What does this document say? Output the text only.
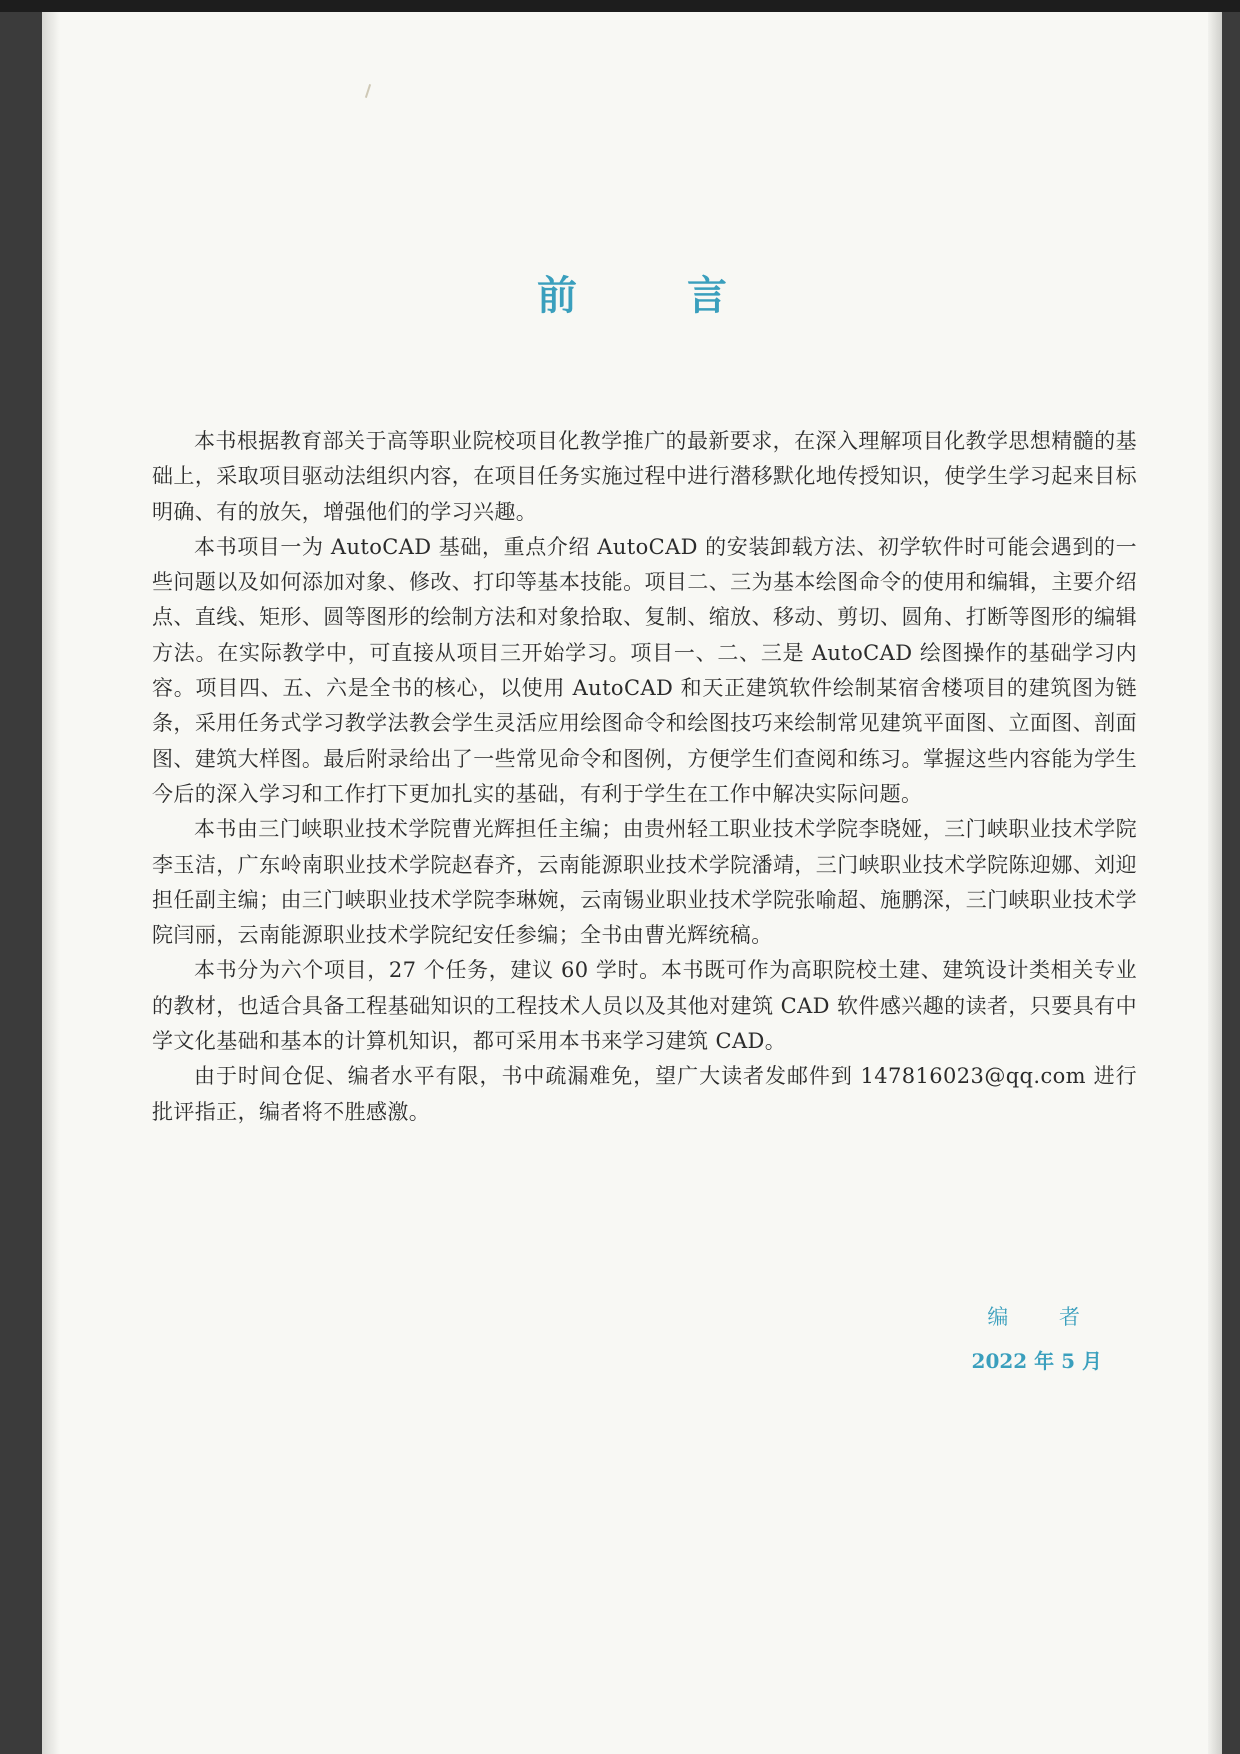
前 言

本书根据教育部关于高等职业院校项目化教学推广的最新要求，在深入理解项目化教学思想精髓的基础上，采取项目驱动法组织内容，在项目任务实施过程中进行潜移默化地传授知识，使学生学习起来目标明确、有的放矢，增强他们的学习兴趣。

本书项目一为 AutoCAD 基础，重点介绍 AutoCAD 的安装卸载方法、初学软件时可能会遇到的一些问题以及如何添加对象、修改、打印等基本技能。项目二、三为基本绘图命令的使用和编辑，主要介绍点、直线、矩形、圆等图形的绘制方法和对象拾取、复制、缩放、移动、剪切、圆角、打断等图形的编辑方法。在实际教学中，可直接从项目三开始学习。项目一、二、三是 AutoCAD 绘图操作的基础学习内容。项目四、五、六是全书的核心，以使用 AutoCAD 和天正建筑软件绘制某宿舍楼项目的建筑图为链条，采用任务式学习教学法教会学生灵活应用绘图命令和绘图技巧来绘制常见建筑平面图、立面图、剖面图、建筑大样图。最后附录给出了一些常见命令和图例，方便学生们查阅和练习。掌握这些内容能为学生今后的深入学习和工作打下更加扎实的基础，有利于学生在工作中解决实际问题。

本书由三门峡职业技术学院曹光辉担任主编；由贵州轻工职业技术学院李晓娅，三门峡职业技术学院李玉洁，广东岭南职业技术学院赵春齐，云南能源职业技术学院潘靖，三门峡职业技术学院陈迎娜、刘迎担任副主编；由三门峡职业技术学院李琳婉，云南锡业职业技术学院张喻超、施鹏深，三门峡职业技术学院闫丽，云南能源职业技术学院纪安任参编；全书由曹光辉统稿。

本书分为六个项目，27 个任务，建议 60 学时。本书既可作为高职院校土建、建筑设计类相关专业的教材，也适合具备工程基础知识的工程技术人员以及其他对建筑 CAD 软件感兴趣的读者，只要具有中学文化基础和基本的计算机知识，都可采用本书来学习建筑 CAD。

由于时间仓促、编者水平有限，书中疏漏难免，望广大读者发邮件到 147816023@qq.com 进行批评指正，编者将不胜感激。

编 者

2022 年 5 月
